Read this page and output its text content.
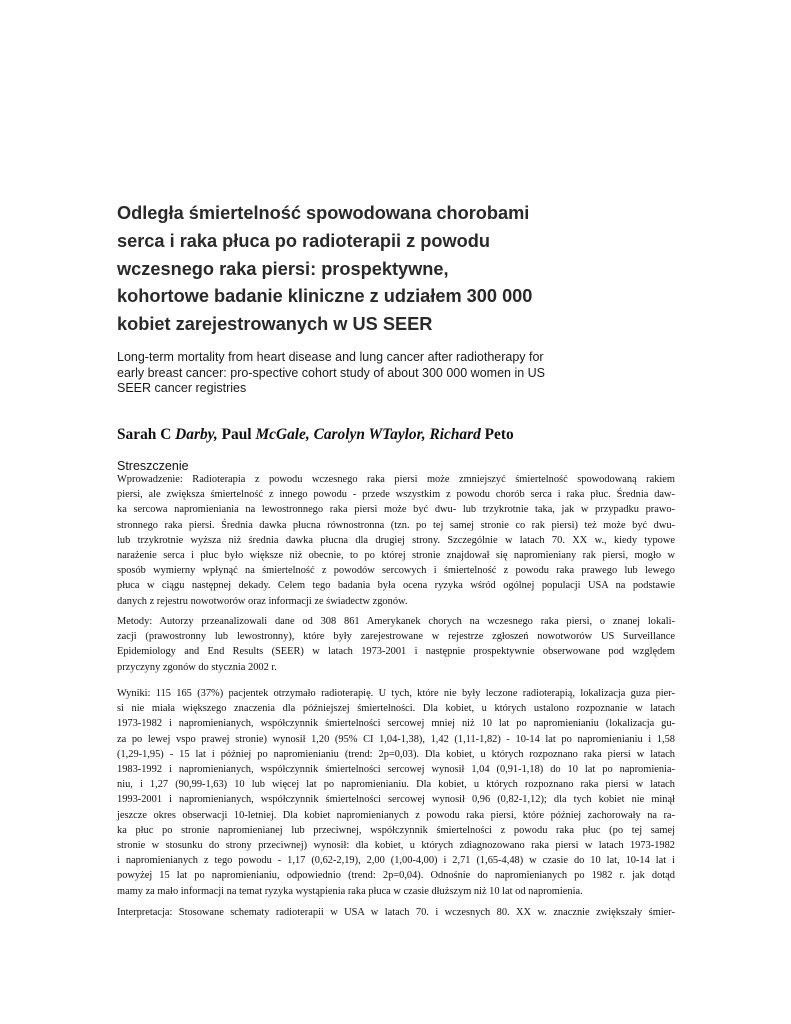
Odległa śmiertelność spowodowana chorobami
serca i raka płuca po radioterapii z powodu
wczesnego raka piersi: prospektywne,
kohortowe badanie kliniczne z udziałem 300 000
kobiet zarejestrowanych w US SEER
Long-term mortality from heart disease and lung cancer after radiotherapy for
early breast cancer: pro-spective cohort study of about 300 000 women in US
SEER cancer registries
Sarah C Darby, Paul McGale, Carolyn WTaylor, Richard Peto
Streszczenie
Wprowadzenie: Radioterapia z powodu wczesnego raka piersi może zmniejszyć śmiertelność spowodowaną rakiem
piersi, ale zwiększa śmiertelność z innego powodu - przede wszystkim z powodu chorób serca i raka płuc. Średnia daw-
ka sercowa napromieniania na lewostronnego raka piersi może być dwu- lub trzykrotnie taka, jak w przypadku prawo-
stronnego raka piersi. Średnia dawka płucna równostronna (tzn. po tej samej stronie co rak piersi) też może być dwu-
lub trzykrotnie wyższa niż średnia dawka płucna dla drugiej strony. Szczególnie w latach 70. XX w., kiedy typowe
narażenie serca i płuc było większe niż obecnie, to po której stronie znajdował się napromieniany rak piersi, mogło w
sposób wymierny wpłynąć na śmiertelność z powodów sercowych i śmiertelność z powodu raka prawego lub lewego
płuca w ciągu następnej dekady. Celem tego badania była ocena ryzyka wśród ogólnej populacji USA na podstawie
danych z rejestru nowotworów oraz informacji ze świadectw zgonów.
Metody: Autorzy przeanalizowali dane od 308 861 Amerykanek chorych na wczesnego raka piersi, o znanej lokali-
zacji (prawostronny lub lewostronny), które były zarejestrowane w rejestrze zgłoszeń nowotworów US Surveillance
Epidemiology and End Results (SEER) w latach 1973-2001 i następnie prospektywnie obserwowane pod względem
przyczyny zgonów do stycznia 2002 r.
Wyniki: 115 165 (37%) pacjentek otrzymało radioterapię. U tych, które nie były leczone radioterapią, lokalizacja guza pier-
si nie miała większego znaczenia dla późniejszej śmiertelności. Dla kobiet, u których ustalono rozpoznanie w latach
1973-1982 i napromienianych, współczynnik śmiertelności sercowej mniej niż 10 lat po napromienianiu (lokalizacja gu-
za po lewej vspo prawej stronie) wynosił 1,20 (95% CI 1,04-1,38), 1,42 (1,11-1,82) - 10-14 lat po napromienianiu i 1,58
(1,29-1,95) - 15 lat i później po napromienianiu (trend: 2p=0,03). Dla kobiet, u których rozpoznano raka piersi w latach
1983-1992 i napromienianych, współczynnik śmiertelności sercowej wynosił 1,04 (0,91-1,18) do 10 lat po napromienia-
niu, i 1,27 (90,99-1,63) 10 lub więcej lat po napromienianiu. Dla kobiet, u których rozpoznano raka piersi w latach
1993-2001 i napromienianych, współczynnik śmiertelności sercowej wynosił 0,96 (0,82-1,12); dla tych kobiet nie minął
jeszcze okres obserwacji 10-letniej. Dla kobiet napromienianych z powodu raka piersi, które później zachorowały na ra-
ka płuc po stronie napromienianej lub przeciwnej, współczynnik śmiertelności z powodu raka płuc (po tej samej
stronie w stosunku do strony przeciwnej) wynosił: dla kobiet, u których zdiagnozowano raka piersi w latach 1973-1982
i napromienianych z tego powodu - 1,17 (0,62-2,19), 2,00 (1,00-4,00) i 2,71 (1,65-4,48) w czasie do 10 lat, 10-14 lat i
powyżej 15 lat po napromienianiu, odpowiednio (trend: 2p=0,04). Odnośnie do napromienianych po 1982 r. jak dotąd
mamy za mało informacji na temat ryzyka wystąpienia raka płuca w czasie dłuższym niż 10 lat od napromienia.
Interpretacja: Stosowane schematy radioterapii w USA w latach 70. i wczesnych 80. XX w. znacznie zwiększały śmier-
